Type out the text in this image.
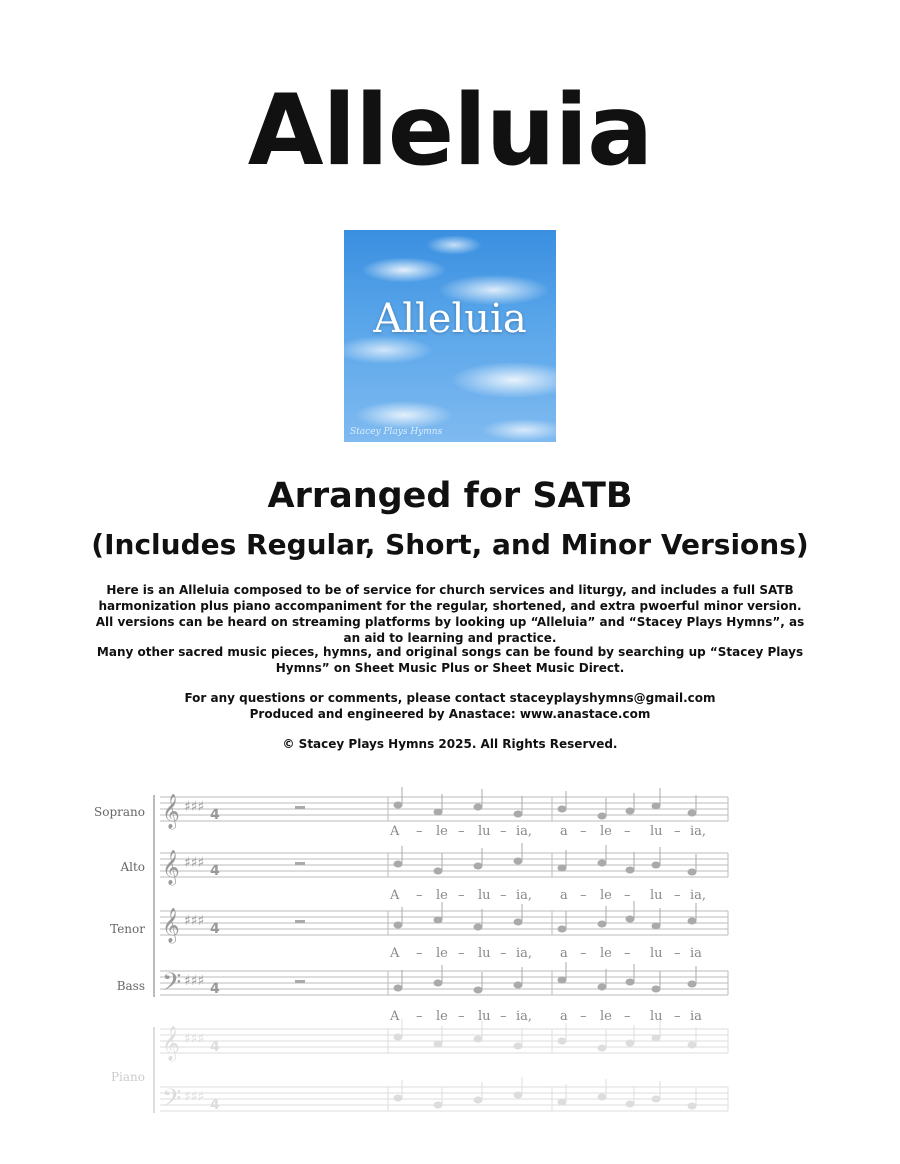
Alleluia
Alleluia
Stacey Plays Hymns
Arranged for SATB
(Includes Regular, Short, and Minor Versions)
Here is an Alleluia composed to be of service for church services and liturgy, and includes a full SATB harmonization plus piano accompaniment for the regular, shortened, and extra pwoerful minor version. All versions can be heard on streaming platforms by looking up “Alleluia” and “Stacey Plays Hymns”, as an aid to learning and practice.
Many other sacred music pieces, hymns, and original songs can be found by searching up “Stacey Plays Hymns” on Sheet Music Plus or Sheet Music Direct.
For any questions or comments, please contact staceyplayshymns@gmail.com
Produced and engineered by Anastace: www.anastace.com
© Stacey Plays Hymns 2025. All Rights Reserved.
𝄞 ♯♯♯ 4
𝄞 ♯♯♯ 4
𝄞 ♯♯♯ 4
𝄢 ♯♯♯ 4
𝄞 ♯♯♯ 4
𝄢 ♯♯♯ 4
Soprano
Alto
Tenor
Bass
Piano
A – le – lu – ia, a – le – lu – ia,
A – le – lu – ia, a – le – lu – ia,
A – le – lu – ia, a – le – lu – ia
A – le – lu – ia, a – le – lu – ia
